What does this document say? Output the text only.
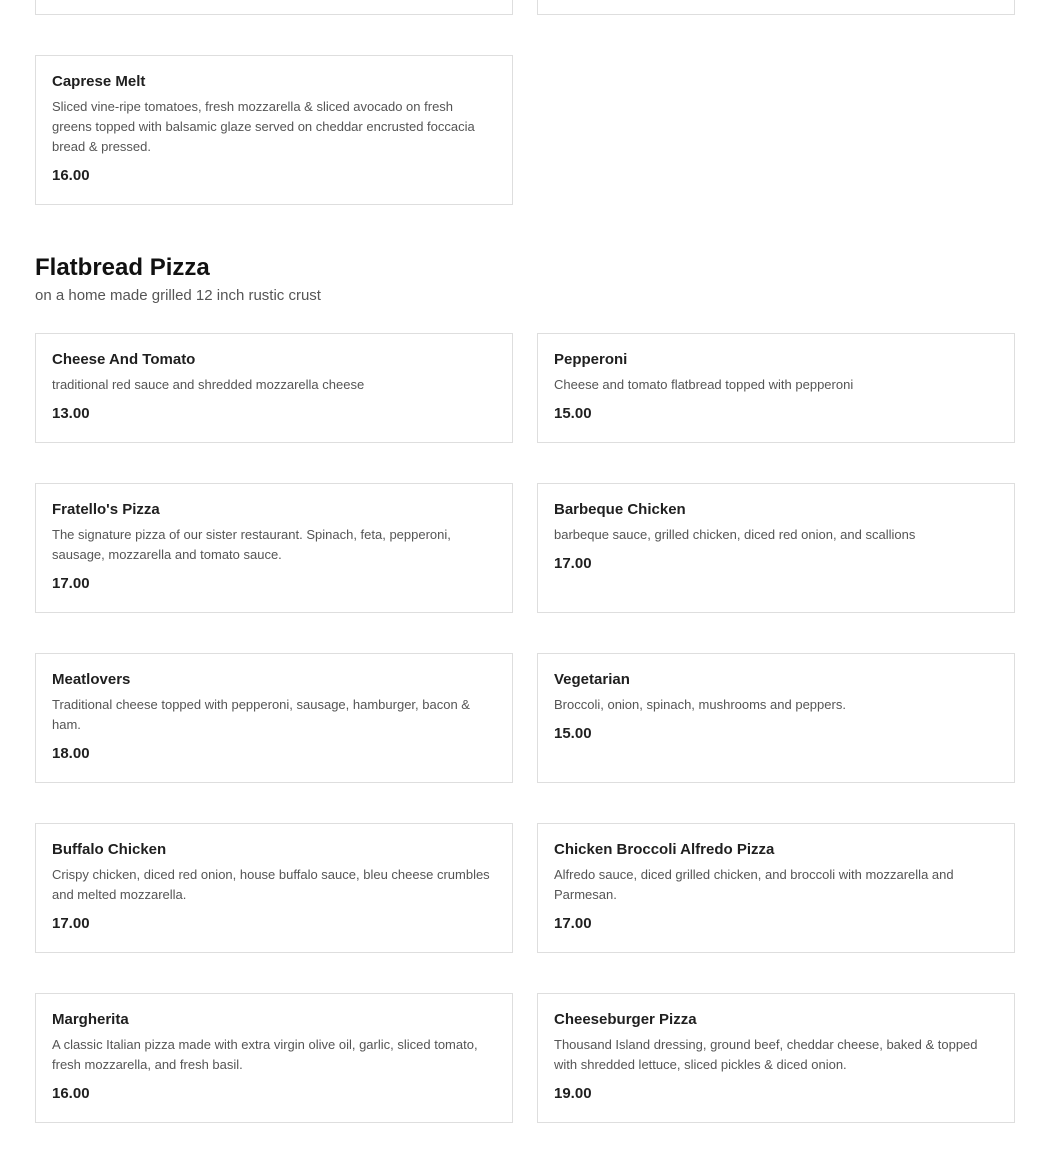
Caprese Melt

Sliced vine-ripe tomatoes, fresh mozzarella & sliced avocado on fresh greens topped with balsamic glaze served on cheddar encrusted foccacia bread & pressed.

16.00
Flatbread Pizza

on a home made grilled 12 inch rustic crust

Cheese And Tomato

traditional red sauce and shredded mozzarella cheese

13.00
Pepperoni

Cheese and tomato flatbread topped with pepperoni

15.00
Fratello's Pizza

The signature pizza of our sister restaurant. Spinach, feta, pepperoni, sausage, mozzarella and tomato sauce.

17.00
Barbeque Chicken

barbeque sauce, grilled chicken, diced red onion, and scallions

17.00
Meatlovers

Traditional cheese topped with pepperoni, sausage, hamburger, bacon & ham.

18.00
Vegetarian

Broccoli, onion, spinach, mushrooms and peppers.

15.00
Buffalo Chicken

Crispy chicken, diced red onion, house buffalo sauce, bleu cheese crumbles and melted mozzarella.

17.00
Chicken Broccoli Alfredo Pizza

Alfredo sauce, diced grilled chicken, and broccoli with mozzarella and Parmesan.

17.00
Margherita

A classic Italian pizza made with extra virgin olive oil, garlic, sliced tomato, fresh mozzarella, and fresh basil.

16.00
Cheeseburger Pizza

Thousand Island dressing, ground beef, cheddar cheese, baked & topped with shredded lettuce, sliced pickles & diced onion.

19.00
